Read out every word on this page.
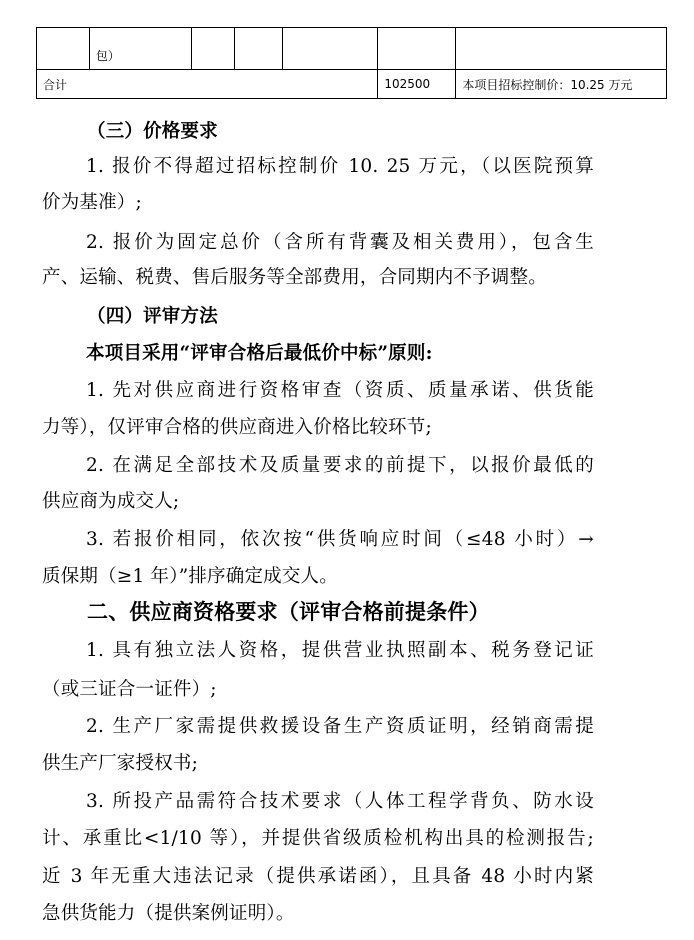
	包）					
合计					102500	本项目招标控制价：10.25 万元
（三）价格要求
1. 报价不得超过招标控制价 10. 25 万元，（以医院预算
价为基准）;
2. 报价为固定总价（含所有背囊及相关费用），包含生
产、运输、税费、售后服务等全部费用，合同期内不予调整。
（四）评审方法
本项目采用“评审合格后最低价中标”原则:
1. 先对供应商进行资格审查（资质、质量承诺、供货能
力等），仅评审合格的供应商进入价格比较环节;
2. 在满足全部技术及质量要求的前提下，以报价最低的
供应商为成交人;
3. 若报价相同，依次按“供货响应时间（≤48 小时）→
质保期（≥1 年）”排序确定成交人。
二、供应商资格要求（评审合格前提条件）
1. 具有独立法人资格，提供营业执照副本、税务登记证
（或三证合一证件）;
2. 生产厂家需提供救援设备生产资质证明，经销商需提
供生产厂家授权书;
3. 所投产品需符合技术要求（人体工程学背负、防水设
计、承重比<1/10 等），并提供省级质检机构出具的检测报告;
近 3 年无重大违法记录（提供承诺函），且具备 48 小时内紧
急供货能力（提供案例证明）。
